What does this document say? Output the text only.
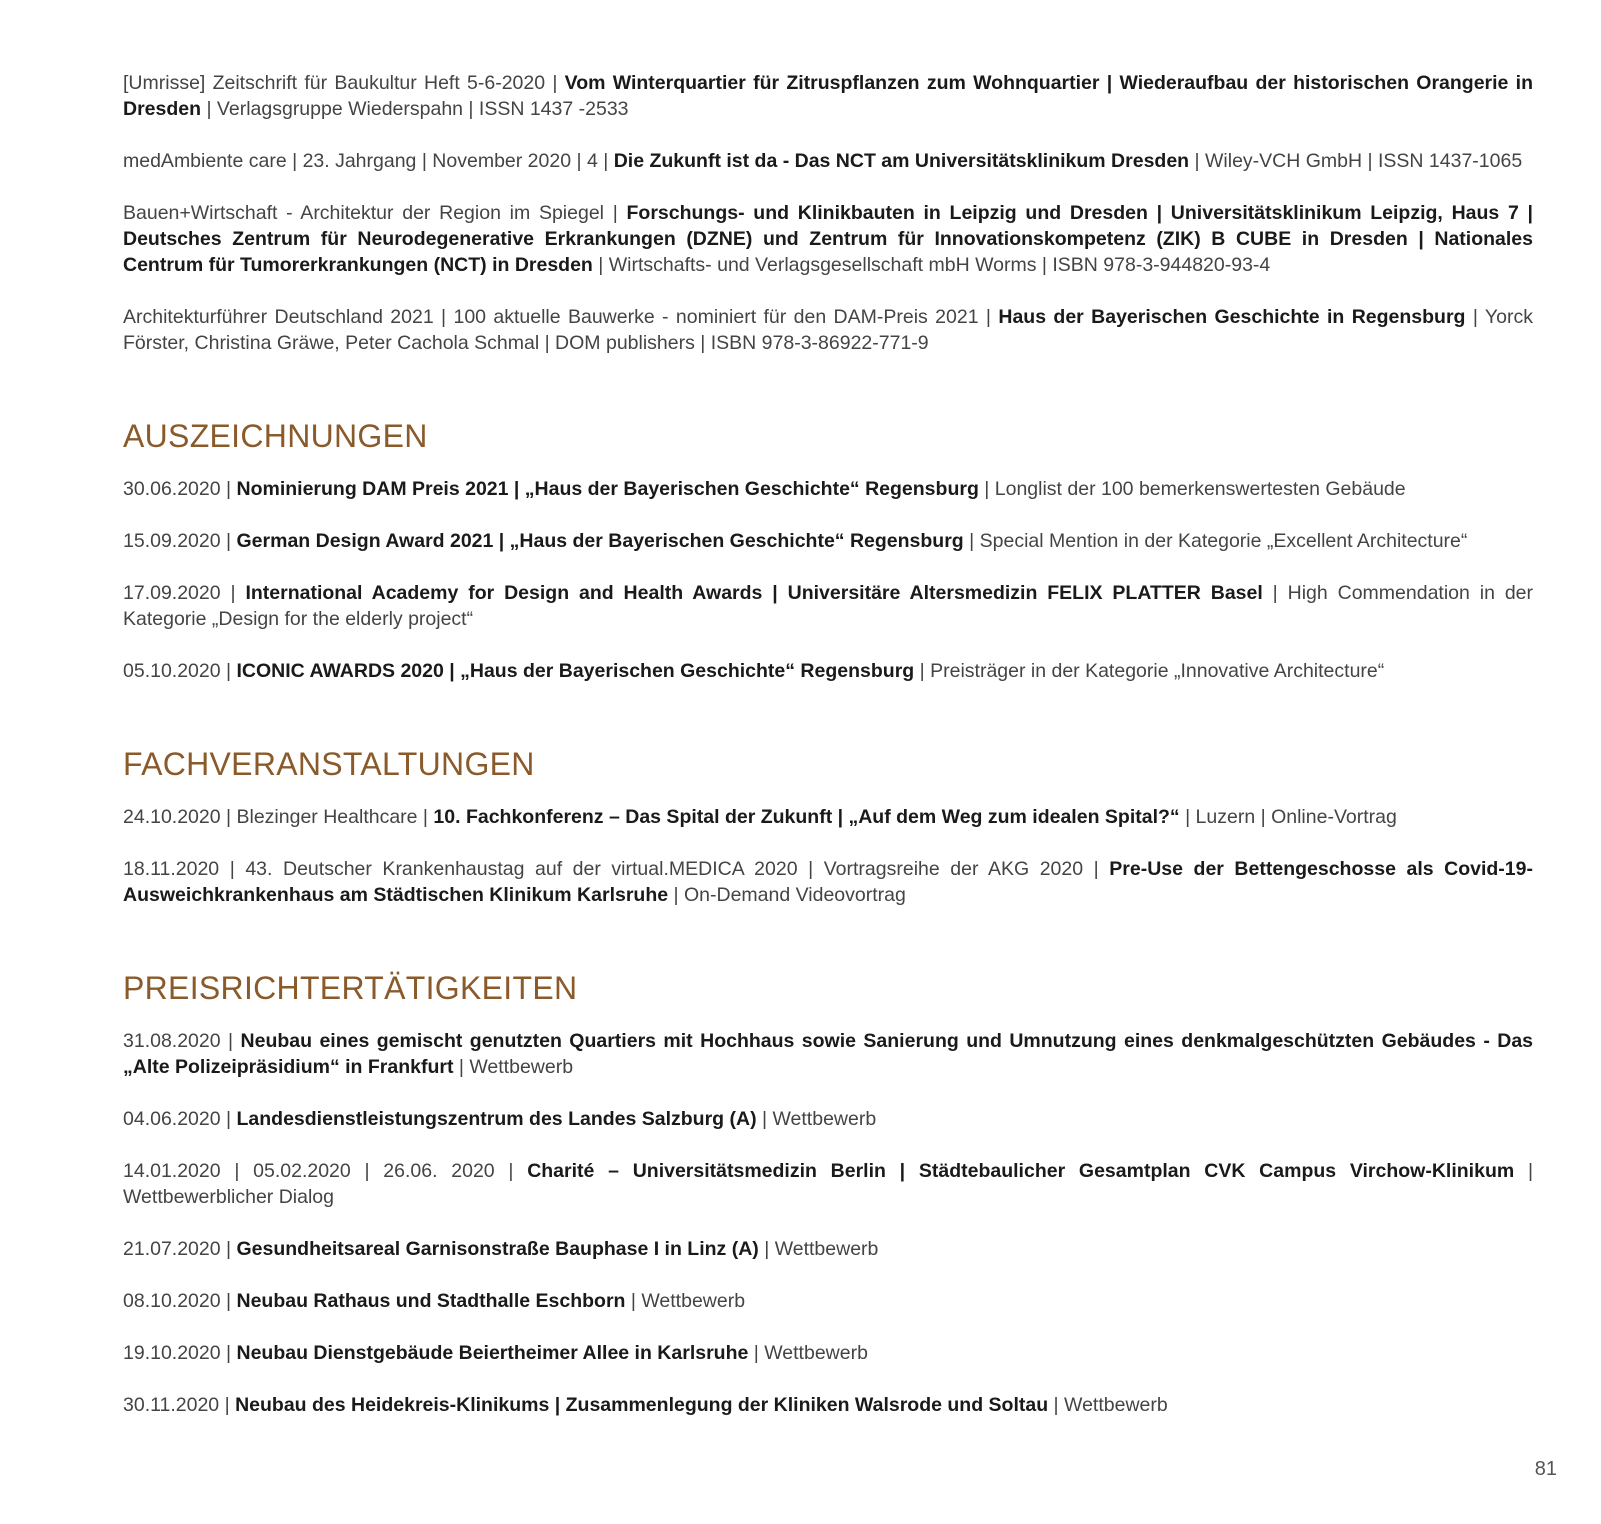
[Umrisse] Zeitschrift für Baukultur Heft 5-6-2020 | Vom Winterquartier für Zitruspflanzen zum Wohnquartier | Wiederaufbau der historischen Orangerie in Dresden | Verlagsgruppe Wiederspahn | ISSN 1437 -2533

medAmbiente care | 23. Jahrgang | November 2020 | 4 | Die Zukunft ist da - Das NCT am Universitätsklinikum Dresden | Wiley-VCH GmbH | ISSN 1437-1065

Bauen+Wirtschaft - Architektur der Region im Spiegel | Forschungs- und Klinikbauten in Leipzig und Dresden | Universitätsklinikum Leipzig, Haus 7 | Deutsches Zentrum für Neurodegenerative Erkrankungen (DZNE) und Zentrum für Innovationskompetenz (ZIK) B CUBE in Dresden | Nationales Centrum für Tumorerkrankungen (NCT) in Dresden | Wirtschafts- und Verlagsgesellschaft mbH Worms | ISBN 978-3-944820-93-4

Architekturführer Deutschland 2021 | 100 aktuelle Bauwerke - nominiert für den DAM-Preis 2021 | Haus der Bayerischen Geschichte in Regensburg | Yorck Förster, Christina Gräwe, Peter Cachola Schmal | DOM publishers | ISBN 978-3-86922-771-9

AUSZEICHNUNGEN

30.06.2020 | Nominierung DAM Preis 2021 | „Haus der Bayerischen Geschichte“ Regensburg | Longlist der 100 bemerkenswertesten Gebäude

15.09.2020 | German Design Award 2021 | „Haus der Bayerischen Geschichte“ Regensburg | Special Mention in der Kategorie „Excellent Architecture“

17.09.2020 | International Academy for Design and Health Awards | Universitäre Altersmedizin FELIX PLATTER Basel | High Commendation in der Kategorie „Design for the elderly project“

05.10.2020 | ICONIC AWARDS 2020 | „Haus der Bayerischen Geschichte“ Regensburg | Preisträger in der Kategorie „Innovative Architecture“

FACHVERANSTALTUNGEN

24.10.2020 | Blezinger Healthcare | 10. Fachkonferenz – Das Spital der Zukunft | „Auf dem Weg zum idealen Spital?“ | Luzern | Online-Vortrag

18.11.2020 | 43. Deutscher Krankenhaustag auf der virtual.MEDICA 2020 | Vortragsreihe der AKG 2020 | Pre-Use der Bettengeschosse als Covid-19-Ausweichkrankenhaus am Städtischen Klinikum Karlsruhe | On-Demand Videovortrag

PREISRICHTERTÄTIGKEITEN

31.08.2020 | Neubau eines gemischt genutzten Quartiers mit Hochhaus sowie Sanierung und Umnutzung eines denkmalgeschützten Gebäudes - Das „Alte Polizeipräsidium“ in Frankfurt | Wettbewerb

04.06.2020 | Landesdienstleistungszentrum des Landes Salzburg (A) | Wettbewerb

14.01.2020 | 05.02.2020 | 26.06. 2020 | Charité – Universitätsmedizin Berlin | Städtebaulicher Gesamtplan CVK Campus Virchow-Klinikum | Wettbewerblicher Dialog

21.07.2020 | Gesundheitsareal Garnisonstraße Bauphase I in Linz (A) | Wettbewerb

08.10.2020 | Neubau Rathaus und Stadthalle Eschborn | Wettbewerb

19.10.2020 | Neubau Dienstgebäude Beiertheimer Allee in Karlsruhe | Wettbewerb

30.11.2020 | Neubau des Heidekreis-Klinikums | Zusammenlegung der Kliniken Walsrode und Soltau | Wettbewerb

81
